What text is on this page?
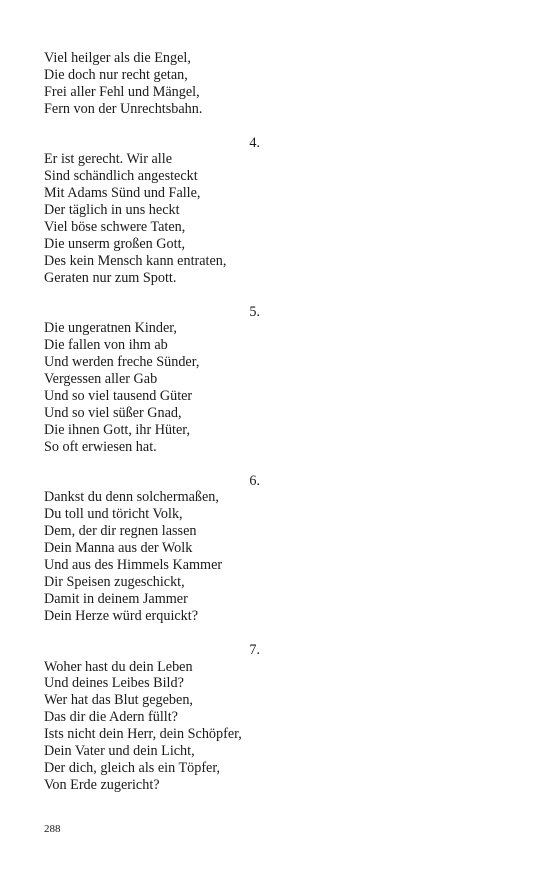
Viel heilger als die Engel,
Die doch nur recht getan,
Frei aller Fehl und Mängel,
Fern von der Unrechtsbahn.
4.
Er ist gerecht. Wir alle
Sind schändlich angesteckt
Mit Adams Sünd und Falle,
Der täglich in uns heckt
Viel böse schwere Taten,
Die unserm großen Gott,
Des kein Mensch kann entraten,
Geraten nur zum Spott.
5.
Die ungeratnen Kinder,
Die fallen von ihm ab
Und werden freche Sünder,
Vergessen aller Gab
Und so viel tausend Güter
Und so viel süßer Gnad,
Die ihnen Gott, ihr Hüter,
So oft erwiesen hat.
6.
Dankst du denn solchermaßen,
Du toll und töricht Volk,
Dem, der dir regnen lassen
Dein Manna aus der Wolk
Und aus des Himmels Kammer
Dir Speisen zugeschickt,
Damit in deinem Jammer
Dein Herze würd erquickt?
7.
Woher hast du dein Leben
Und deines Leibes Bild?
Wer hat das Blut gegeben,
Das dir die Adern füllt?
Ists nicht dein Herr, dein Schöpfer,
Dein Vater und dein Licht,
Der dich, gleich als ein Töpfer,
Von Erde zugericht?
288
